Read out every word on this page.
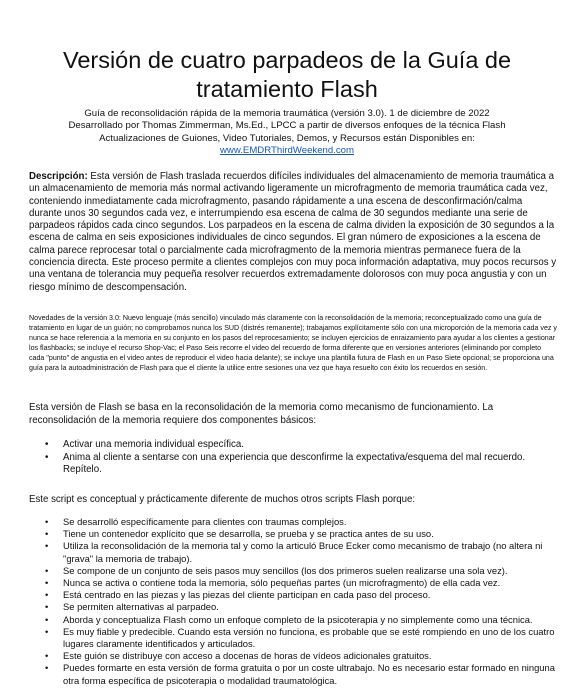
Versión de cuatro parpadeos de la Guía de tratamiento Flash
Guía de reconsolidación rápida de la memoria traumática (versión 3.0). 1 de diciembre de 2022
Desarrollado por Thomas Zimmerman, Ms.Ed., LPCC a partir de diversos enfoques de la técnica Flash
Actualizaciones de Guiones, Video Tutoriales, Demos, y Recursos están Disponibles en:
www.EMDRThirdWeekend.com

Descripción: Esta versión de Flash traslada recuerdos difíciles individuales del almacenamiento de memoria traumática a un almacenamiento de memoria más normal activando ligeramente un microfragmento de memoria traumática cada vez, conteniendo inmediatamente cada microfragmento, pasando rápidamente a una escena de desconfirmación/calma durante unos 30 segundos cada vez, e interrumpiendo esa escena de calma de 30 segundos mediante una serie de parpadeos rápidos cada cinco segundos. Los parpadeos en la escena de calma dividen la exposición de 30 segundos a la escena de calma en seis exposiciones individuales de cinco segundos. El gran número de exposiciones a la escena de calma parece reprocesar total o parcialmente cada microfragmento de la memoria mientras permanece fuera de la conciencia directa. Este proceso permite a clientes complejos con muy poca información adaptativa, muy pocos recursos y una ventana de tolerancia muy pequeña resolver recuerdos extremadamente dolorosos con muy poca angustia y con un riesgo mínimo de descompensación.

Novedades de la versión 3.0: Nuevo lenguaje (más sencillo) vinculado más claramente con la reconsolidación de la memoria; reconceptualizado como una guía de tratamiento en lugar de un guión; no comprobamos nunca los SUD (distrés remanente); trabajamos explícitamente sólo con una microporción de la memoria cada vez y nunca se hace referencia a la memoria en su conjunto en los pasos del reprocesamiento; se incluyen ejercicios de enraizamiento para ayudar a los clientes a gestionar los flashbacks; se incluye el recurso Shop-Vac; el Paso Seis recorre el video del recuerdo de forma diferente que en versiones anteriores (eliminando por completo cada "punto" de angustia en el video antes de reproducir el video hacia delante); se incluye una plantilla futura de Flash en un Paso Siete opcional; se proporciona una guía para la autoadministración de Flash para que el cliente la utilice entre sesiones una vez que haya resuelto con éxito los recuerdos en sesión.

Esta versión de Flash se basa en la reconsolidación de la memoria como mecanismo de funcionamiento. La reconsolidación de la memoria requiere dos componentes básicos:

• Activar una memoria individual específica.
• Anima al cliente a sentarse con una experiencia que desconfirme la expectativa/esquema del mal recuerdo. Repítelo.

Este script es conceptual y prácticamente diferente de muchos otros scripts Flash porque:

• Se desarrolló específicamente para clientes con traumas complejos.
• Tiene un contenedor explícito que se desarrolla, se prueba y se practica antes de su uso.
• Utiliza la reconsolidación de la memoria tal y como la articuló Bruce Ecker como mecanismo de trabajo (no altera ni "grava" la memoria de trabajo).
• Se compone de un conjunto de seis pasos muy sencillos (los dos primeros suelen realizarse una sola vez).
• Nunca se activa o contiene toda la memoria, sólo pequeñas partes (un microfragmento) de ella cada vez.
• Está centrado en las piezas y las piezas del cliente participan en cada paso del proceso.
• Se permiten alternativas al parpadeo.
• Aborda y conceptualiza Flash como un enfoque completo de la psicoterapia y no simplemente como una técnica.
• Es muy fiable y predecible. Cuando esta versión no funciona, es probable que se esté rompiendo en uno de los cuatro lugares claramente identificados y articulados.
• Este guión se distribuye con acceso a docenas de horas de vídeos adicionales gratuitos.
• Puedes formarte en esta versión de forma gratuita o por un coste ultrabajo. No es necesario estar formado en ninguna otra forma específica de psicoterapia o modalidad traumatológica.
